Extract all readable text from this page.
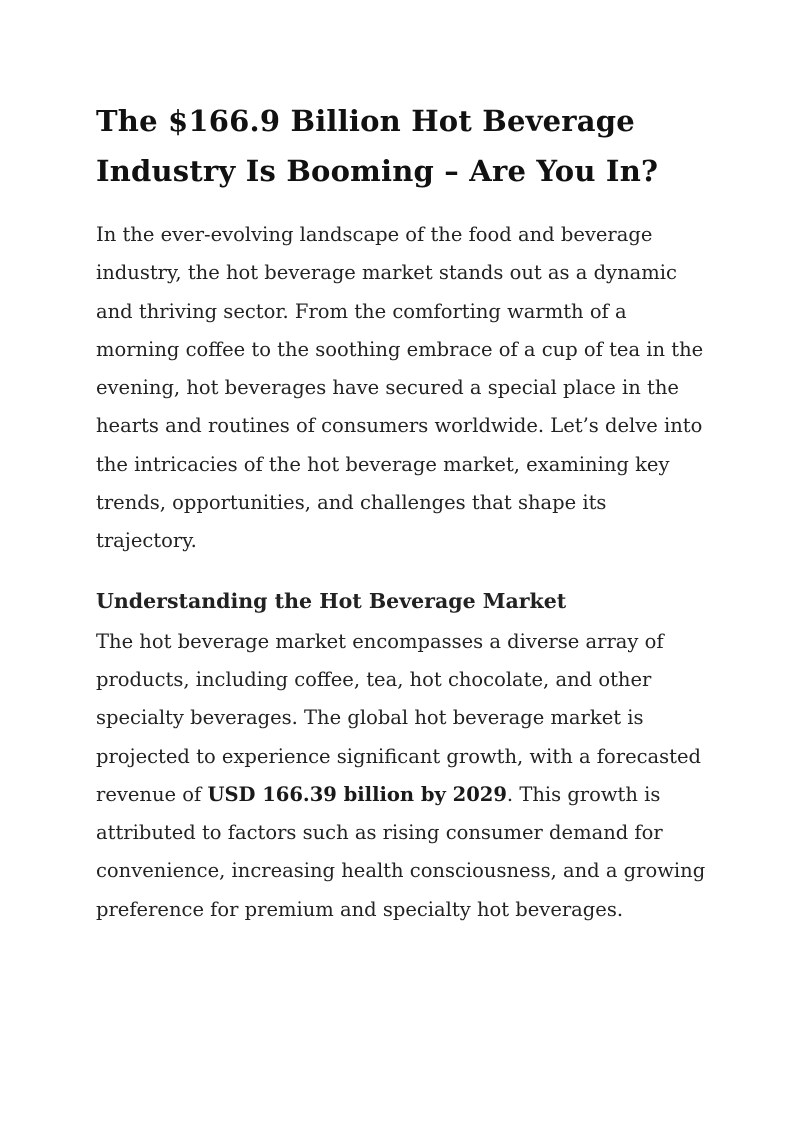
The $166.9 Billion Hot Beverage Industry Is Booming – Are You In?

In the ever-evolving landscape of the food and beverage industry, the hot beverage market stands out as a dynamic and thriving sector. From the comforting warmth of a morning coffee to the soothing embrace of a cup of tea in the evening, hot beverages have secured a special place in the hearts and routines of consumers worldwide. Let’s delve into the intricacies of the hot beverage market, examining key trends, opportunities, and challenges that shape its trajectory.

Understanding the Hot Beverage Market

The hot beverage market encompasses a diverse array of products, including coffee, tea, hot chocolate, and other specialty beverages. The global hot beverage market is projected to experience significant growth, with a forecasted revenue of USD 166.39 billion by 2029. This growth is attributed to factors such as rising consumer demand for convenience, increasing health consciousness, and a growing preference for premium and specialty hot beverages.
